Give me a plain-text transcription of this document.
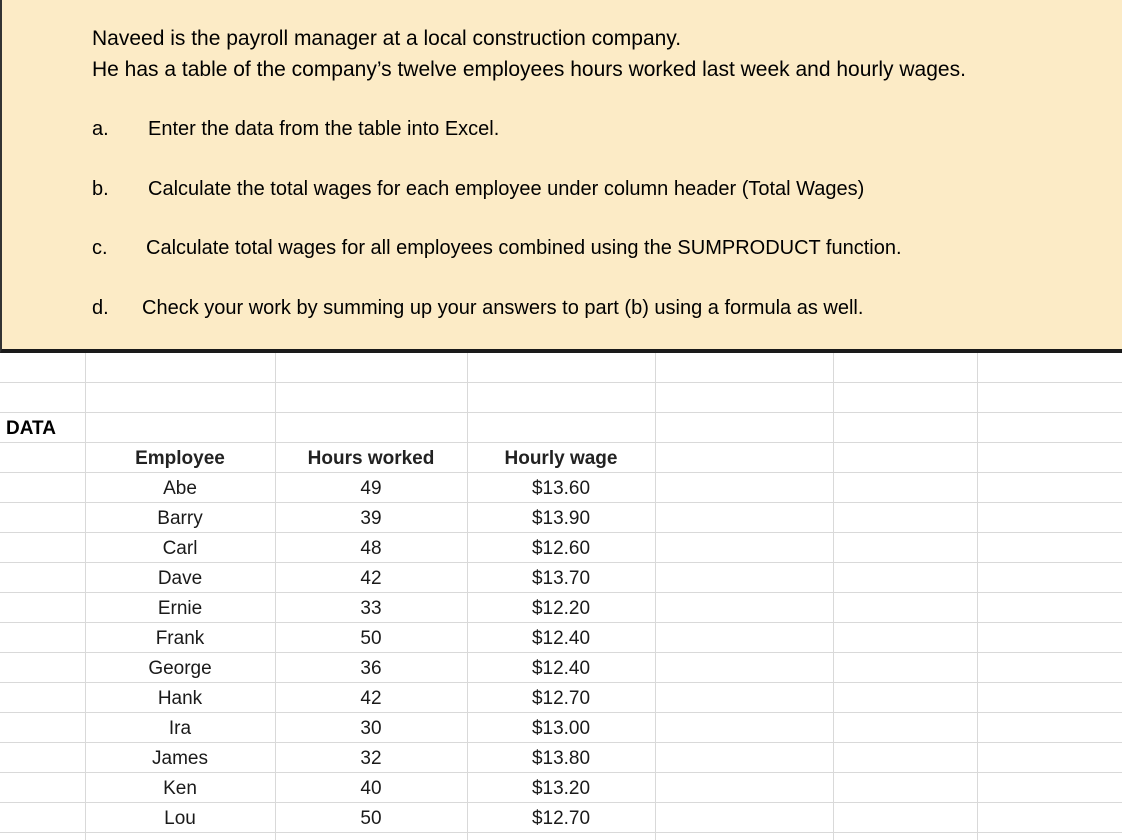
Naveed is the payroll manager at a local construction company.
He has a table of the company’s twelve employees hours worked last week and hourly wages.
a. Enter the data from the table into Excel.
b. Calculate the total wages for each employee under column header (Total Wages)
c. Calculate total wages for all employees combined using the SUMPRODUCT function.
d. Check your work by summing up your answers to part (b) using a formula as well.
DATA
Employee	Hours worked	Hourly wage
Abe	49	$13.60
Barry	39	$13.90
Carl	48	$12.60
Dave	42	$13.70
Ernie	33	$12.20
Frank	50	$12.40
George	36	$12.40
Hank	42	$12.70
Ira	30	$13.00
James	32	$13.80
Ken	40	$13.20
Lou	50	$12.70
